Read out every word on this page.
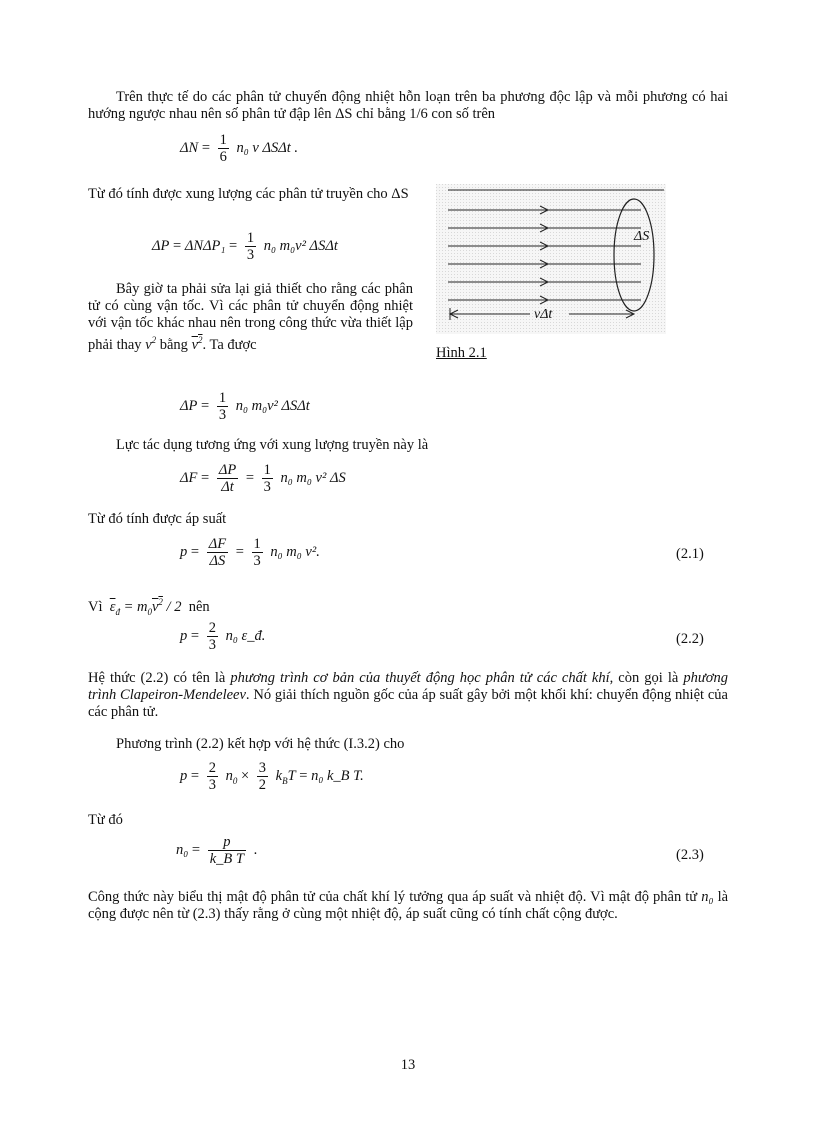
Trên thực tế do các phân tử chuyển động nhiệt hỗn loạn trên ba phương độc lập và mỗi phương có hai hướng ngược nhau nên số phân tử đập lên ΔS chỉ bằng 1/6 con số trên
$\Delta N = \frac{1}{6} n_0$ v ΔSΔt .
Từ đó tính được xung lượng các phân tử truyền cho ΔS
$\Delta P = \Delta N\Delta P_1 = \frac{1}{3} n_0$ m₀v² ΔSΔt
Bây giờ ta phải sửa lại giả thiết cho rằng các phân tử có cùng vận tốc. Vì các phân tử chuyển động nhiệt với vận tốc khác nhau nên trong công thức vừa thiết lập phải thay $v^2$ bằng $v^2$. Ta được
$\Delta P = \frac{1}{3} n_0$ m₀v² ΔSΔt
ΔS
vΔt
Hình 2.1
Lực tác dụng tương ứng với xung lượng truyền này là
$\Delta F = \frac{\Delta P}{\Delta t} = \frac{1}{3} n_0$ m₀ v² ΔS
Từ đó tính được áp suất
$p = \frac{\Delta F}{\Delta S} = \frac{1}{3} n_0$ m₀ v².	(2.1)
Vì $\overline{\varepsilon}_đ = m_0v^2 / 2$  nên
$p = \frac{2}{3} n_0$ ε_đ.	(2.2)
Hệ thức (2.2) có tên là phương trình cơ bản của thuyết động học phân tử các chất khí, còn gọi là phương trình Clapeiron-Mendeleev. Nó giải thích nguồn gốc của áp suất gây bởi một khối khí: chuyển động nhiệt của các phân tử.
Phương trình (2.2) kết hợp với hệ thức (I.3.2) cho
$p = \frac{2}{3} n_0 \times \frac{3}{2} k_BT = n_0$ k_B T.
Từ đó
$n_0 = \frac{p}{\text{k\_B T}}$ .	(2.3)
Công thức này biểu thị mật độ phân tử của chất khí lý tưởng qua áp suất và nhiệt độ. Vì mật độ phân tử n₀ là cộng được nên từ (2.3) thấy rằng ở cùng một nhiệt độ, áp suất cũng có tính chất cộng được.
13
